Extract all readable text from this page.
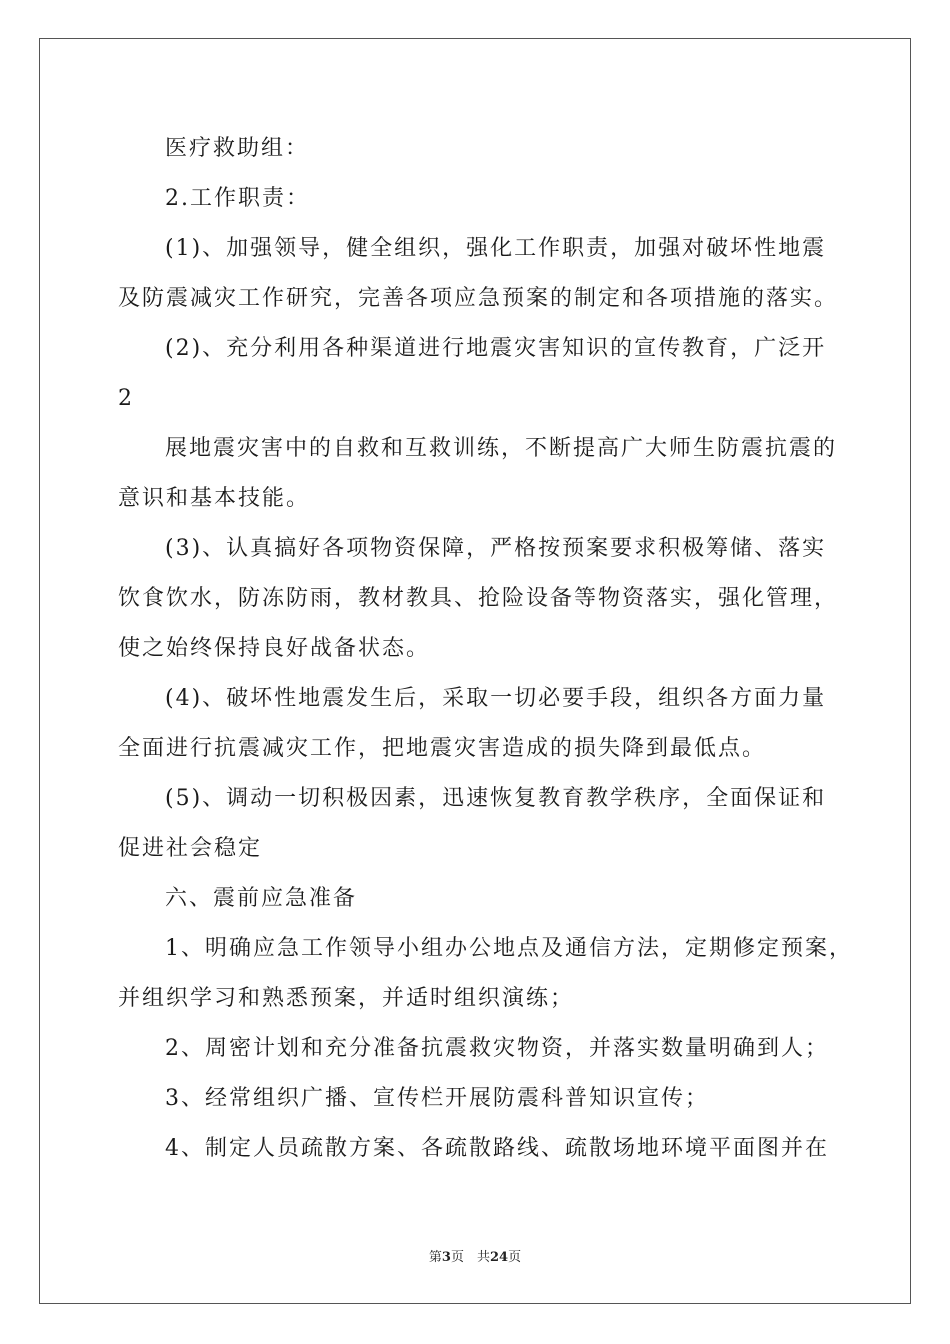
医疗救助组：
2.工作职责：
(1)、加强领导，健全组织，强化工作职责，加强对破坏性地震
及防震减灾工作研究，完善各项应急预案的制定和各项措施的落实。
(2)、充分利用各种渠道进行地震灾害知识的宣传教育，广泛开
2
展地震灾害中的自救和互救训练，不断提高广大师生防震抗震的
意识和基本技能。
(3)、认真搞好各项物资保障，严格按预案要求积极筹储、落实
饮食饮水，防冻防雨，教材教具、抢险设备等物资落实，强化管理，
使之始终保持良好战备状态。
(4)、破坏性地震发生后，采取一切必要手段，组织各方面力量
全面进行抗震减灾工作，把地震灾害造成的损失降到最低点。
(5)、调动一切积极因素，迅速恢复教育教学秩序，全面保证和
促进社会稳定
六、震前应急准备
1、明确应急工作领导小组办公地点及通信方法，定期修定预案，
并组织学习和熟悉预案，并适时组织演练；
2、周密计划和充分准备抗震救灾物资，并落实数量明确到人；
3、经常组织广播、宣传栏开展防震科普知识宣传；
4、制定人员疏散方案、各疏散路线、疏散场地环境平面图并在
第3页　共24页
